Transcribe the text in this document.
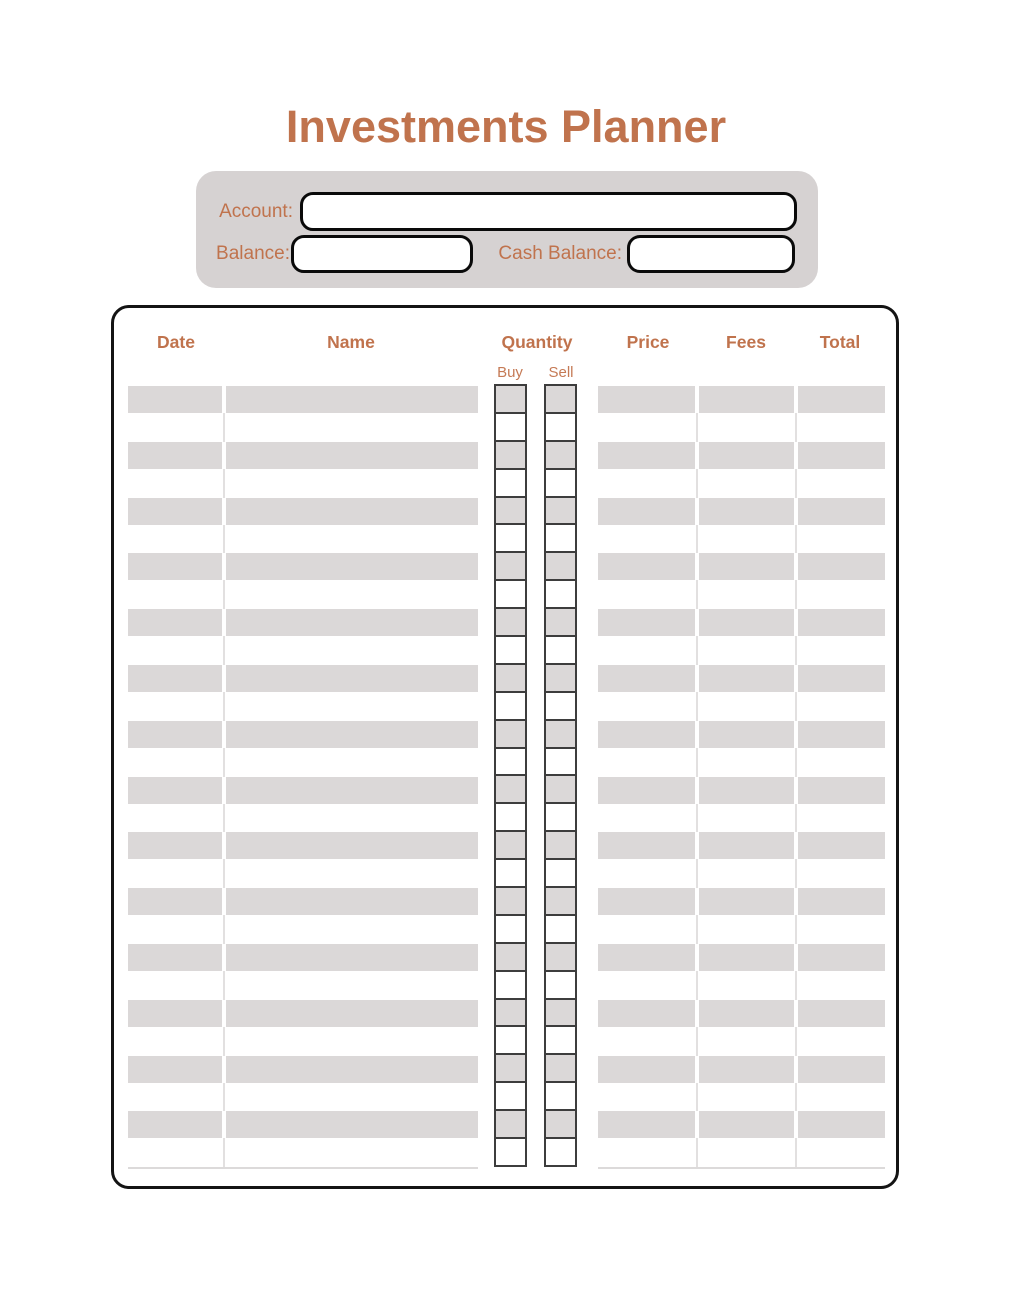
Investments Planner
Account:
Balance:	Cash Balance:
Date	Name	Quantity	Price	Fees	Total
Buy	Sell
